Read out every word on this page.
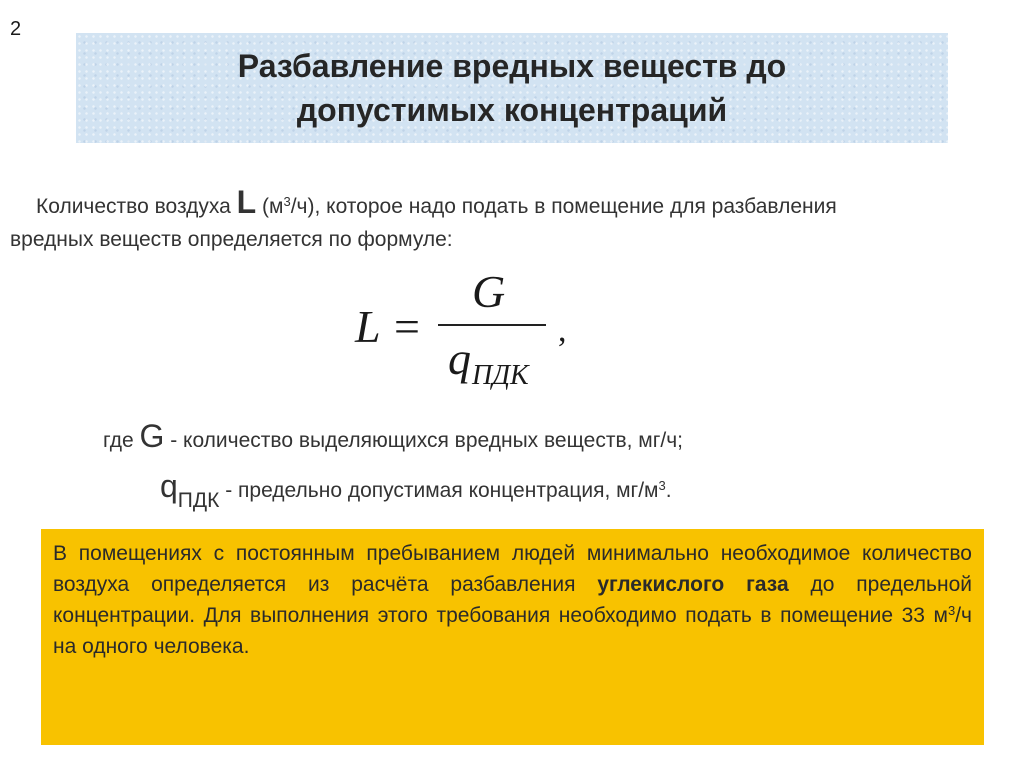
2
Разбавление вредных веществ до
допустимых концентраций
Количество воздуха L $(м^3/ч)$, которое надо подать в помещение для разбавления
вредных веществ определяется по формуле:
L =
G
q ПДК
,
где G - количество выделяющихся вредных веществ, мг/ч;
qПДК - предельно допустимая концентрация, $мг/м^3$.
В помещениях с постоянным пребыванием людей минимально необходимое количество воздуха определяется из расчёта разбавления углекислого газа до предельной концентрации. Для выполнения этого требования необходимо подать в помещение 33 $м^3/ч$ на одного человека.
